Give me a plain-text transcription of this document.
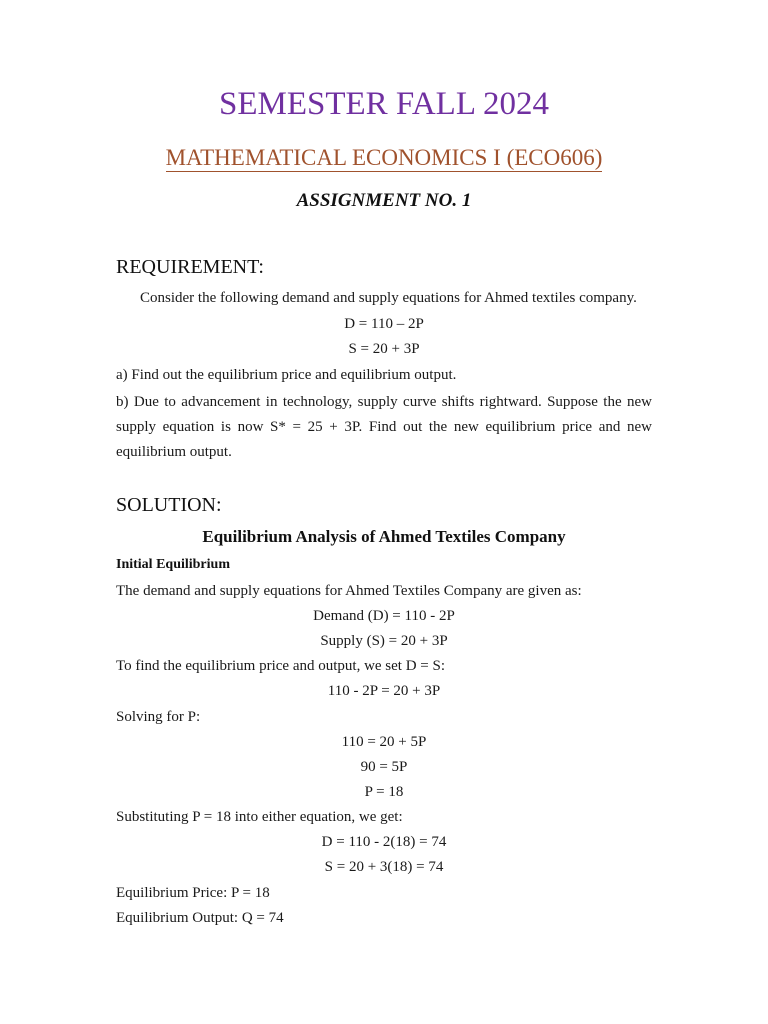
SEMESTER FALL 2024
MATHEMATICAL ECONOMICS I (ECO606)
ASSIGNMENT NO. 1
REQUIREMENT:
Consider the following demand and supply equations for Ahmed textiles company.
D = 110 – 2P
S = 20 + 3P
a) Find out the equilibrium price and equilibrium output.
b) Due to advancement in technology, supply curve shifts rightward. Suppose the new supply equation is now S* = 25 + 3P. Find out the new equilibrium price and new equilibrium output.
SOLUTION:
Equilibrium Analysis of Ahmed Textiles Company
Initial Equilibrium
The demand and supply equations for Ahmed Textiles Company are given as:
Demand (D) = 110 - 2P
Supply (S) = 20 + 3P
To find the equilibrium price and output, we set D = S:
110 - 2P = 20 + 3P
Solving for P:
110 = 20 + 5P
90 = 5P
P = 18
Substituting P = 18 into either equation, we get:
D = 110 - 2(18) = 74
S = 20 + 3(18) = 74
Equilibrium Price: P = 18
Equilibrium Output: Q = 74
